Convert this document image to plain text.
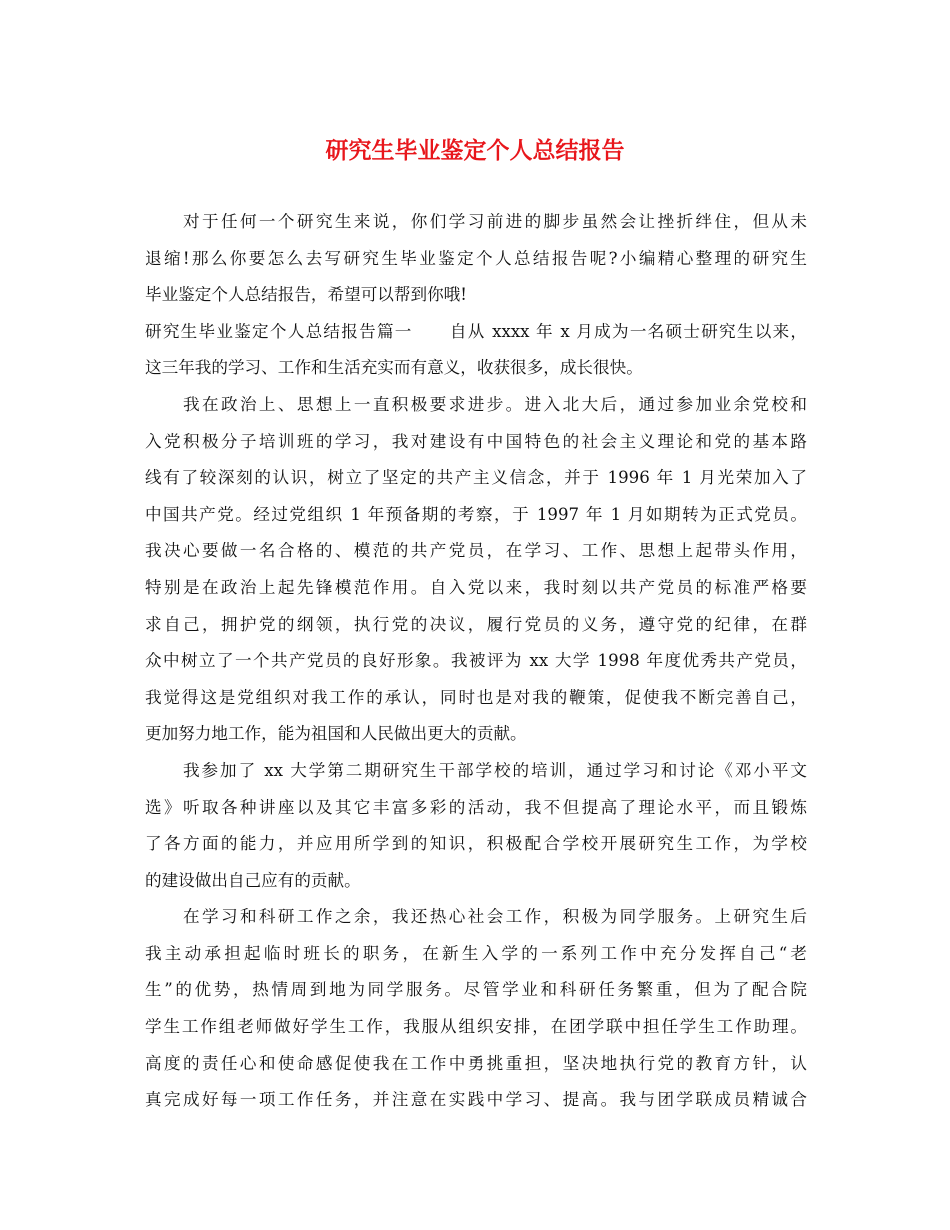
研究生毕业鉴定个人总结报告
对于任何一个研究生来说，你们学习前进的脚步虽然会让挫折绊住，但从未
退缩!那么你要怎么去写研究生毕业鉴定个人总结报告呢?小编精心整理的研究生
毕业鉴定个人总结报告，希望可以帮到你哦!
研究生毕业鉴定个人总结报告篇一 自从 xxxx 年 x 月成为一名硕士研究生以来，
这三年我的学习、工作和生活充实而有意义，收获很多，成长很快。
我在政治上、思想上一直积极要求进步。进入北大后，通过参加业余党校和
入党积极分子培训班的学习，我对建设有中国特色的社会主义理论和党的基本路
线有了较深刻的认识，树立了坚定的共产主义信念，并于 1996 年 1 月光荣加入了
中国共产党。经过党组织 1 年预备期的考察，于 1997 年 1 月如期转为正式党员。
我决心要做一名合格的、模范的共产党员，在学习、工作、思想上起带头作用，
特别是在政治上起先锋模范作用。自入党以来，我时刻以共产党员的标准严格要
求自己，拥护党的纲领，执行党的决议，履行党员的义务，遵守党的纪律，在群
众中树立了一个共产党员的良好形象。我被评为 xx 大学 1998 年度优秀共产党员，
我觉得这是党组织对我工作的承认，同时也是对我的鞭策，促使我不断完善自己，
更加努力地工作，能为祖国和人民做出更大的贡献。
我参加了 xx 大学第二期研究生干部学校的培训，通过学习和讨论《邓小平文
选》听取各种讲座以及其它丰富多彩的活动，我不但提高了理论水平，而且锻炼
了各方面的能力，并应用所学到的知识，积极配合学校开展研究生工作，为学校
的建设做出自己应有的贡献。
在学习和科研工作之余，我还热心社会工作，积极为同学服务。上研究生后
我主动承担起临时班长的职务，在新生入学的一系列工作中充分发挥自己“老
生”的优势，热情周到地为同学服务。尽管学业和科研任务繁重，但为了配合院
学生工作组老师做好学生工作，我服从组织安排，在团学联中担任学生工作助理。
高度的责任心和使命感促使我在工作中勇挑重担，坚决地执行党的教育方针，认
真完成好每一项工作任务，并注意在实践中学习、提高。我与团学联成员精诚合
